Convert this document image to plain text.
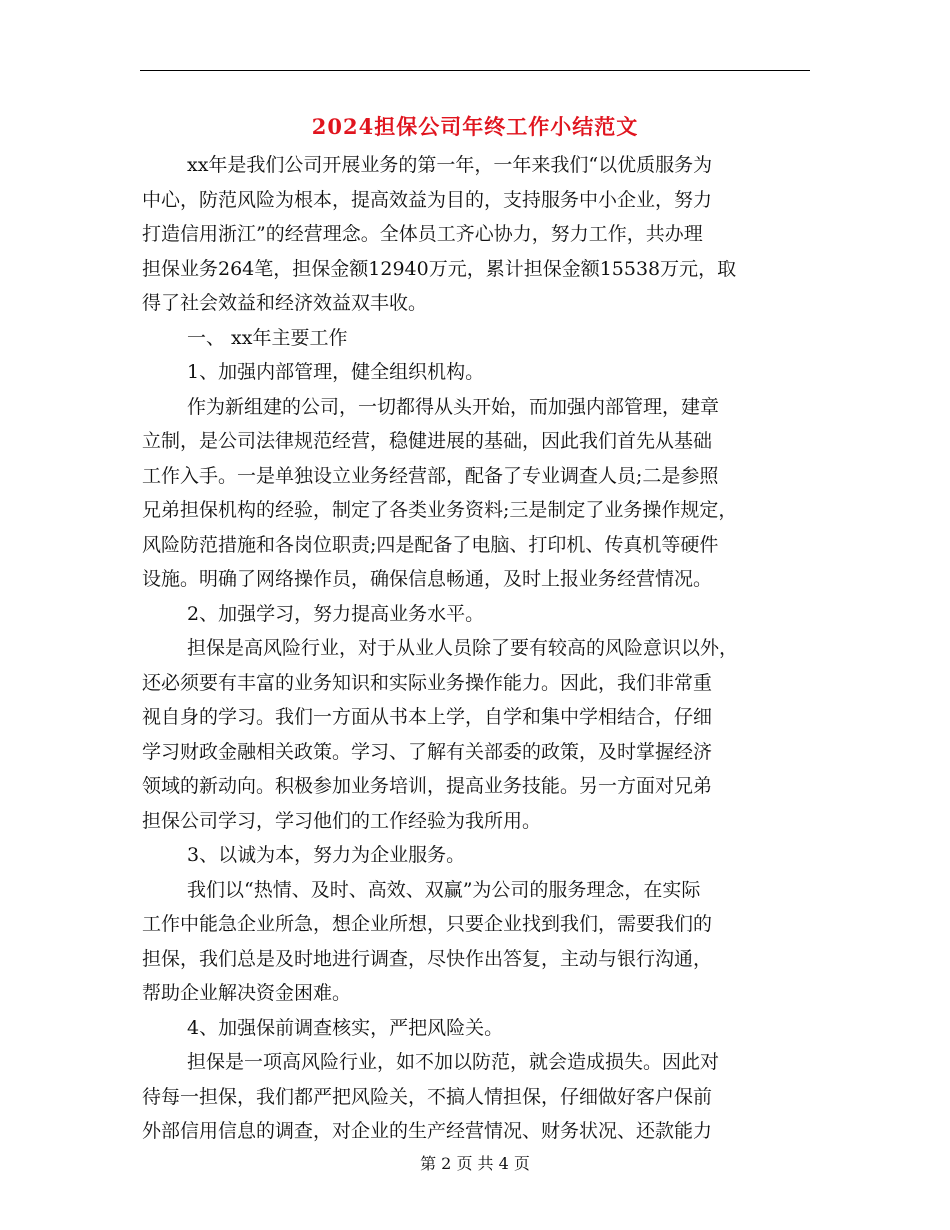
2024担保公司年终工作小结范文
xx年是我们公司开展业务的第一年，一年来我们“以优质服务为
中心，防范风险为根本，提高效益为目的，支持服务中小企业，努力
打造信用浙江”的经营理念。全体员工齐心协力，努力工作，共办理
担保业务264笔，担保金额12940万元，累计担保金额15538万元，取
得了社会效益和经济效益双丰收。
一、 xx年主要工作
1、加强内部管理，健全组织机构。
作为新组建的公司，一切都得从头开始，而加强内部管理，建章
立制，是公司法律规范经营，稳健进展的基础，因此我们首先从基础
工作入手。一是单独设立业务经营部，配备了专业调查人员;二是参照
兄弟担保机构的经验，制定了各类业务资料;三是制定了业务操作规定，
风险防范措施和各岗位职责;四是配备了电脑、打印机、传真机等硬件
设施。明确了网络操作员，确保信息畅通，及时上报业务经营情况。
2、加强学习，努力提高业务水平。
担保是高风险行业，对于从业人员除了要有较高的风险意识以外，
还必须要有丰富的业务知识和实际业务操作能力。因此，我们非常重
视自身的学习。我们一方面从书本上学，自学和集中学相结合，仔细
学习财政金融相关政策。学习、了解有关部委的政策，及时掌握经济
领域的新动向。积极参加业务培训，提高业务技能。另一方面对兄弟
担保公司学习，学习他们的工作经验为我所用。
3、以诚为本，努力为企业服务。
我们以“热情、及时、高效、双赢”为公司的服务理念，在实际
工作中能急企业所急，想企业所想，只要企业找到我们，需要我们的
担保，我们总是及时地进行调查，尽快作出答复，主动与银行沟通，
帮助企业解决资金困难。
4、加强保前调查核实，严把风险关。
担保是一项高风险行业，如不加以防范，就会造成损失。因此对
待每一担保，我们都严把风险关，不搞人情担保，仔细做好客户保前
外部信用信息的调查，对企业的生产经营情况、财务状况、还款能力
第 2 页 共 4 页
